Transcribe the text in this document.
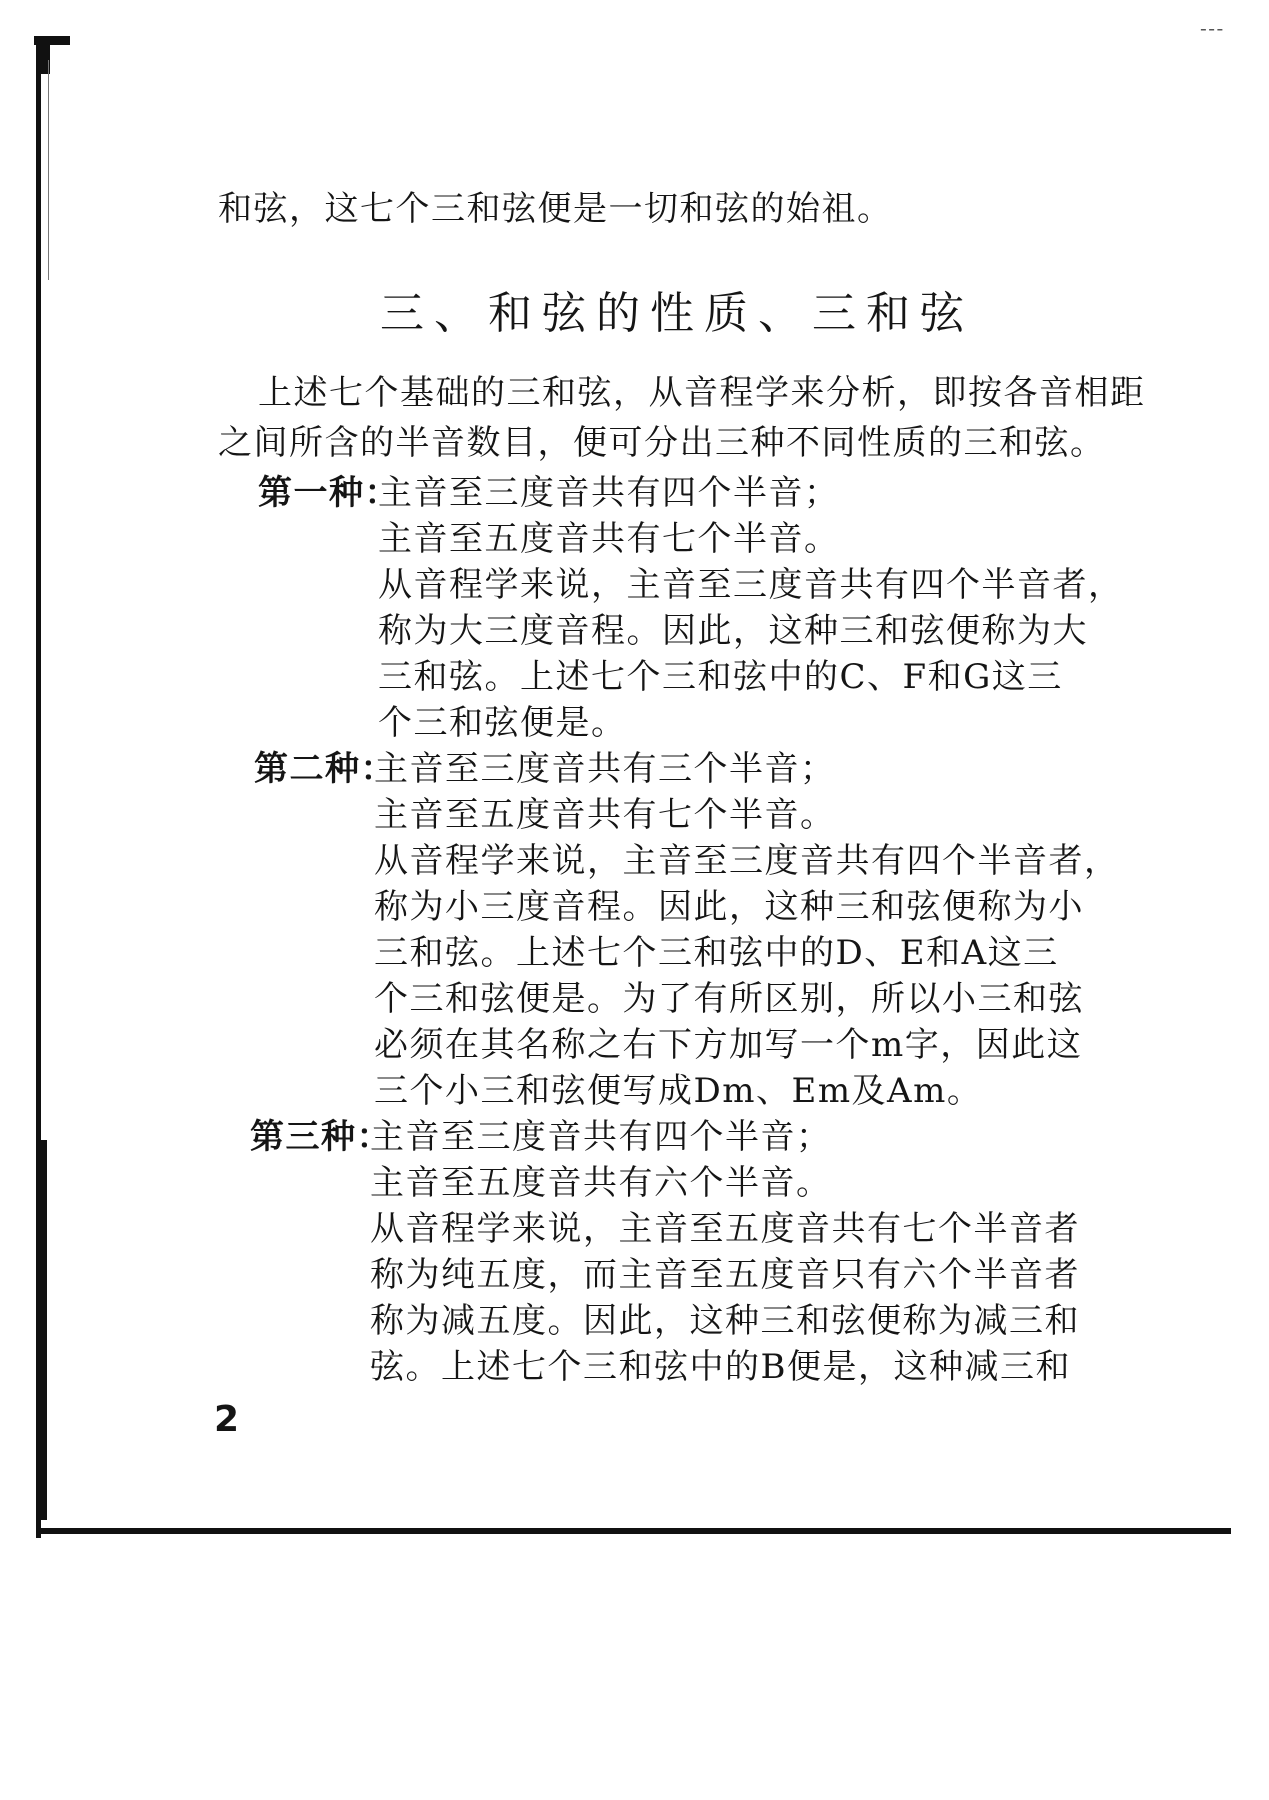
---
和弦，这七个三和弦便是一切和弦的始祖。
三、和弦的性质、三和弦
上述七个基础的三和弦，从音程学来分析，即按各音相距
之间所含的半音数目，便可分出三种不同性质的三和弦。
第一种：
主音至三度音共有四个半音；
主音至五度音共有七个半音。
从音程学来说，主音至三度音共有四个半音者，
称为大三度音程。因此，这种三和弦便称为大
三和弦。上述七个三和弦中的C、F和G这三
个三和弦便是。
第二种：
主音至三度音共有三个半音；
主音至五度音共有七个半音。
从音程学来说，主音至三度音共有四个半音者，
称为小三度音程。因此，这种三和弦便称为小
三和弦。上述七个三和弦中的D、E和A这三
个三和弦便是。为了有所区别，所以小三和弦
必须在其名称之右下方加写一个m字，因此这
三个小三和弦便写成Dm、Em及Am。
第三种：
主音至三度音共有四个半音；
主音至五度音共有六个半音。
从音程学来说，主音至五度音共有七个半音者
称为纯五度，而主音至五度音只有六个半音者
称为减五度。因此，这种三和弦便称为减三和
弦。上述七个三和弦中的B便是，这种减三和
2
